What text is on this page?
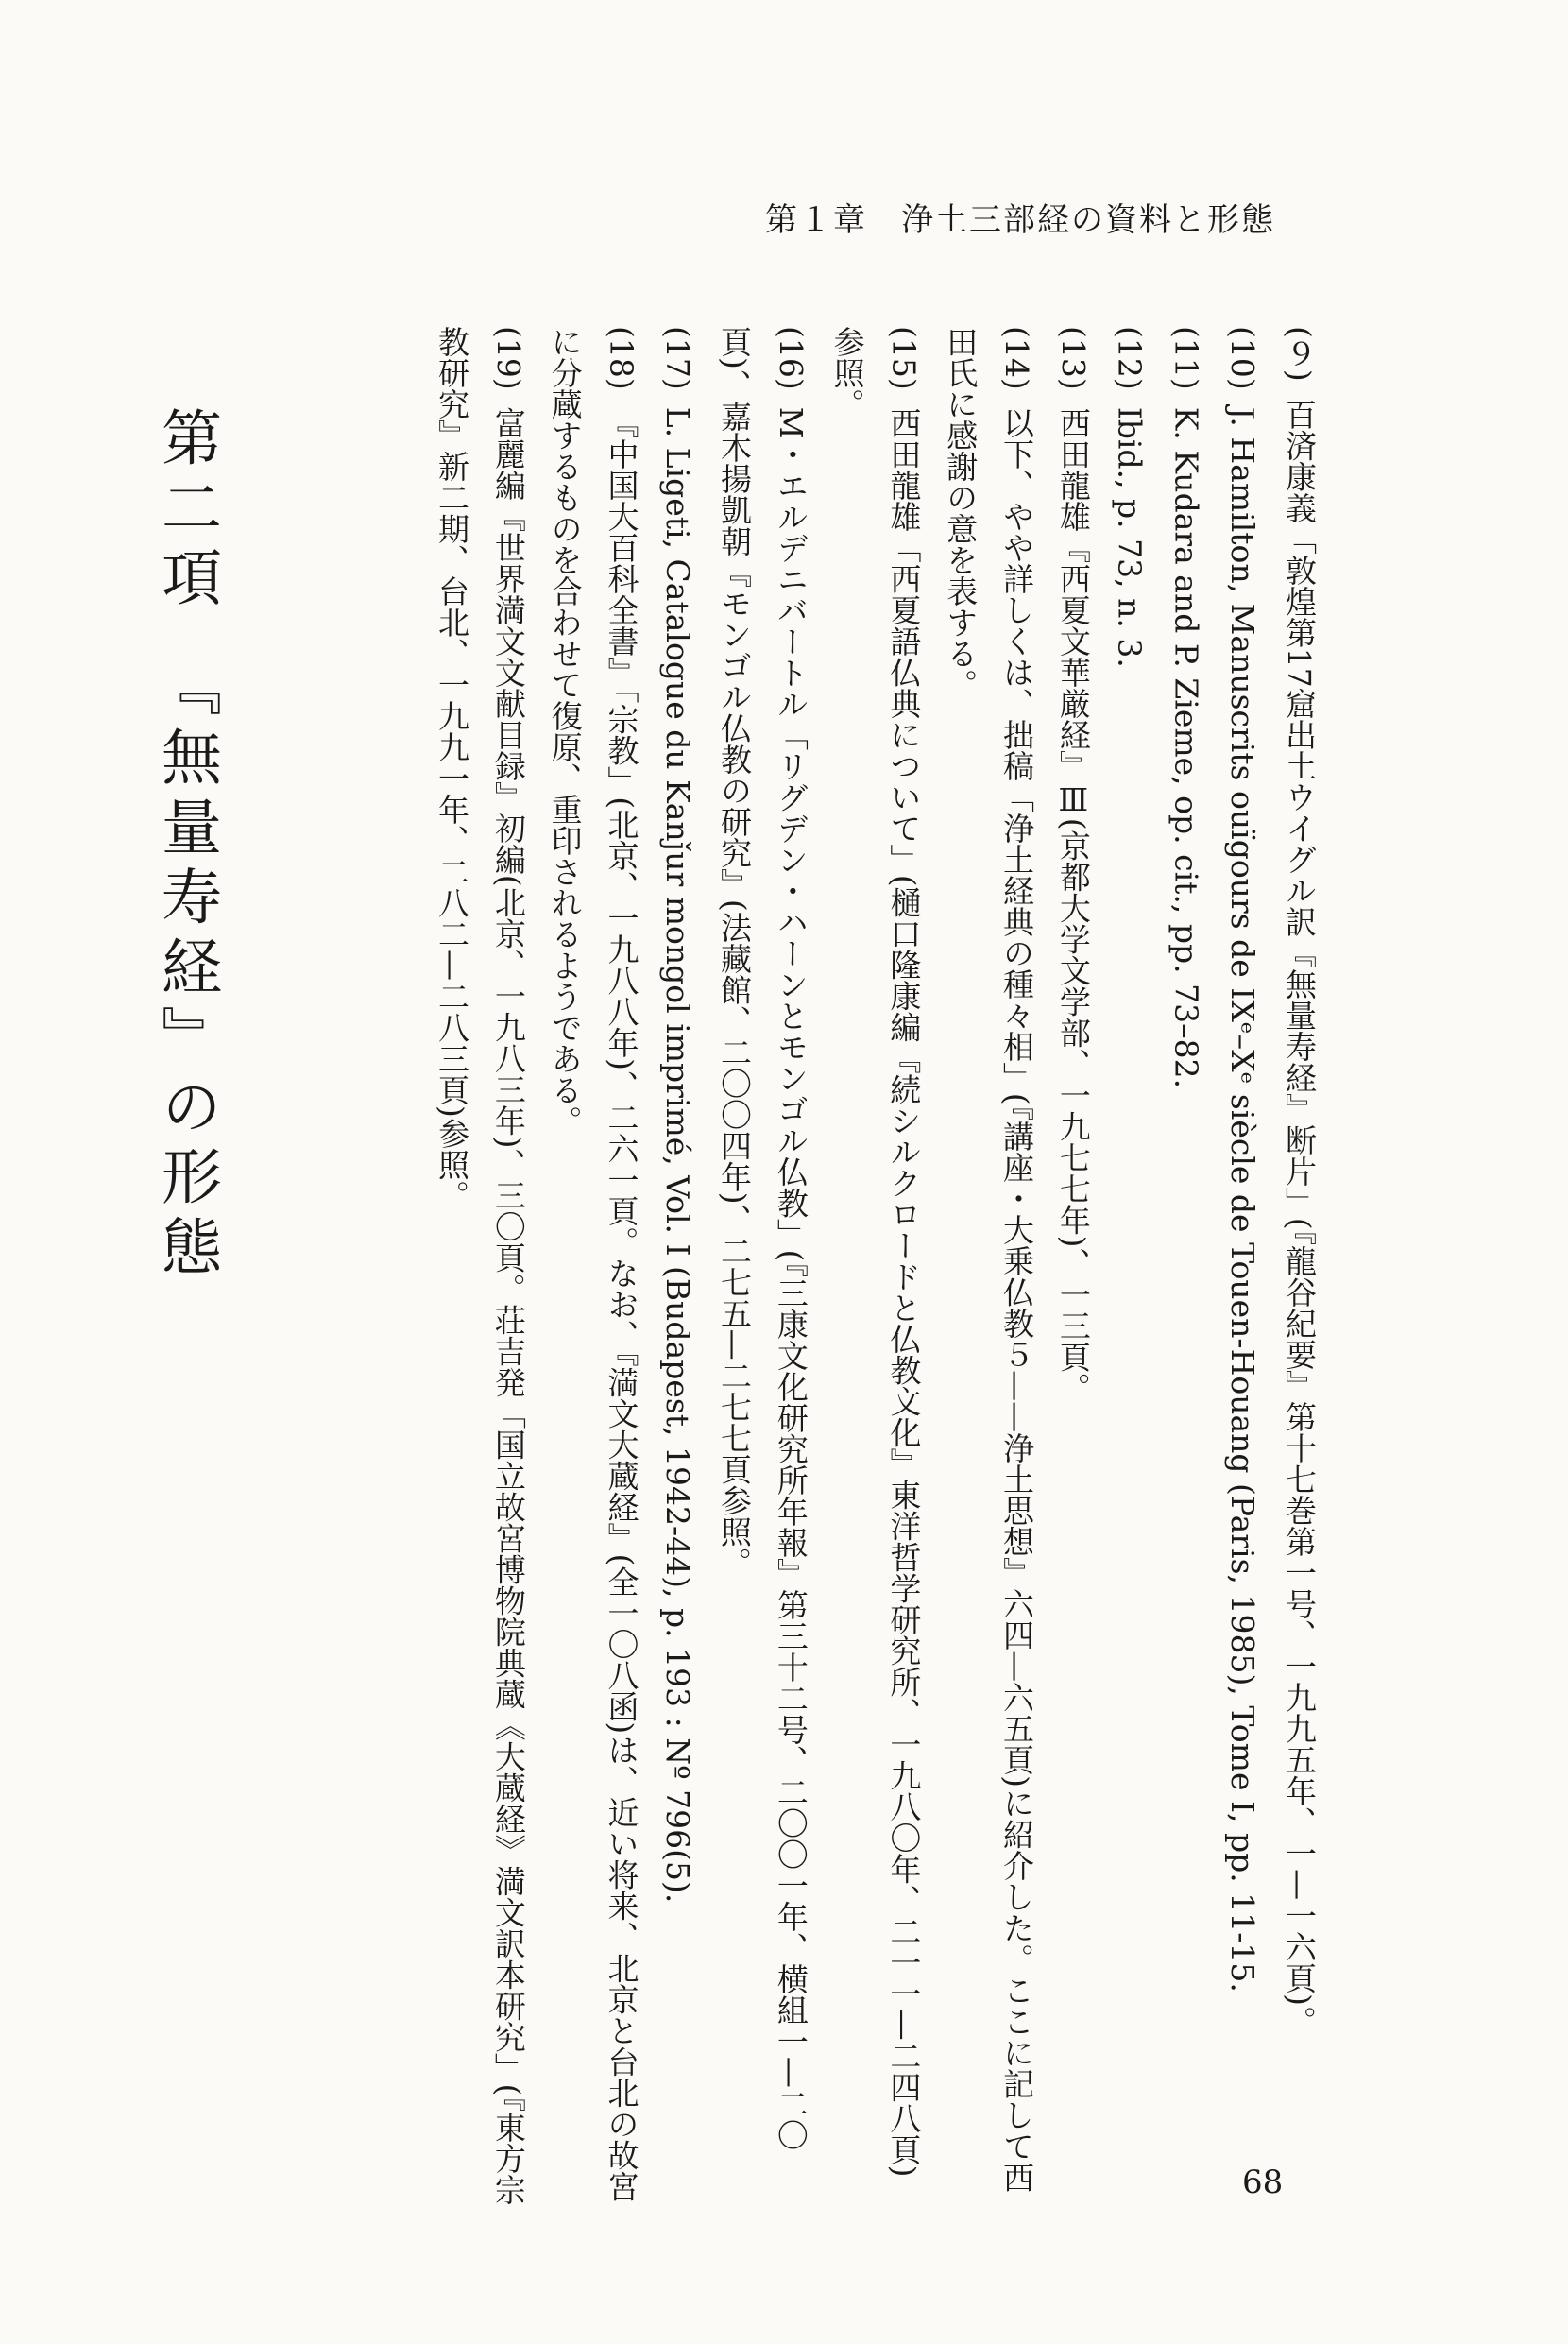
第１章　浄土三部経の資料と形態

(９)百済康義「敦煌第17窟出土ウイグル訳『無量寿経』断片」(『龍谷紀要』第十七巻第一号、一九九五年、一—一六頁)。

(10)J. Hamilton, Manuscrits ouïgours de IXᵉ–Xᵉ siècle de Touen-Houang (Paris, 1985), Tome I, pp. 11-15.

(11)K. Kudara and P. Zieme, op. cit., pp. 73–82.

(12)Ibid., p. 73, n. 3.

(13)西田龍雄『西夏文華厳経』Ⅲ(京都大学文学部、一九七七年)、一三頁。

(14)以下、やや詳しくは、拙稿「浄土経典の種々相」(『講座・大乗仏教５——浄土思想』六四—六五頁)に紹介した。ここに記して西田氏に感謝の意を表する。

(15)西田龍雄「西夏語仏典について」(樋口隆康編『続シルクロードと仏教文化』東洋哲学研究所、一九八〇年、二一一—二四八頁)参照。

(16)M・エルデニバートル「リグデン・ハーンとモンゴル仏教」(『三康文化研究所年報』第三十二号、二〇〇一年、横組一—二〇頁)、嘉木揚凱朝『モンゴル仏教の研究』(法藏館、二〇〇四年)、二七五—二七七頁参照。

(17)L. Ligeti, Catalogue du Kanǰur mongol imprimé, Vol. I (Budapest, 1942-44), p. 193 : Nº 796(5).

(18)『中国大百科全書』「宗教」(北京、一九八八年)、二六一頁。なお、『満文大蔵経』(全一〇八函)は、近い将来、北京と台北の故宮に分蔵するものを合わせて復原、重印されるようである。

(19)富麗編『世界満文文献目録』初編(北京、一九八三年)、三〇頁。荘吉発「国立故宮博物院典蔵《大蔵経》満文訳本研究」(『東方宗教研究』新二期、台北、一九九一年、二八二—二八三頁)参照。

第二項　『無量寿経』の形態
68
